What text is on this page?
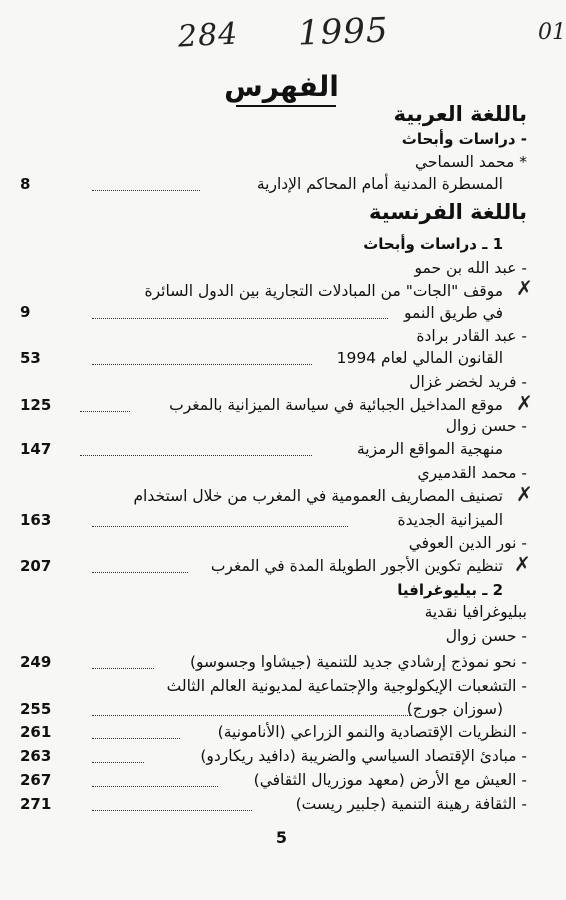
284 1995	01
الفهرس
باللغة العربية
- دراسات وأبحاث
* محمد السماحي
المسطرة المدنية أمام المحاكم الإدارية
8
باللغة الفرنسية
1 ـ دراسات وأبحاث
- عبد الله بن حمو
موقف "الجات" من المبادلات التجارية بين الدول السائرة ✗
في طريق النمو
9
- عبد القادر برادة
القانون المالي لعام 1994
53
- فريد لخضر غزال
موقع المداخيل الجبائية في سياسة الميزانية بالمغرب ✗
125
- حسن زوال
منهجية المواقع الرمزية
147
- محمد القدميري
تصنيف المصاريف العمومية في المغرب من خلال استخدام ✗
الميزانية الجديدة
163
- نور الدين العوفي
تنظيم تكوين الأجور الطويلة المدة في المغرب ✗
207
2 ـ بيليوغرافيا
ببليوغرافيا نقدية
- حسن زوال
- نحو نموذج إرشادي جديد للتنمية (جيشاوا وجسوسو)
249
- التشعبات الإيكولوجية والإجتماعية لمديونية العالم الثالث
(سوزان جورج)
255
- النظريات الإقتصادية والنمو الزراعي (الأنامونية)
261
- مبادئ الإقتصاد السياسي والضريبة (دافيد ريكاردو)
263
- العيش مع الأرض (معهد موزريال الثقافي)
267
- الثقافة رهينة التنمية (جلبير ريست)
271
5
